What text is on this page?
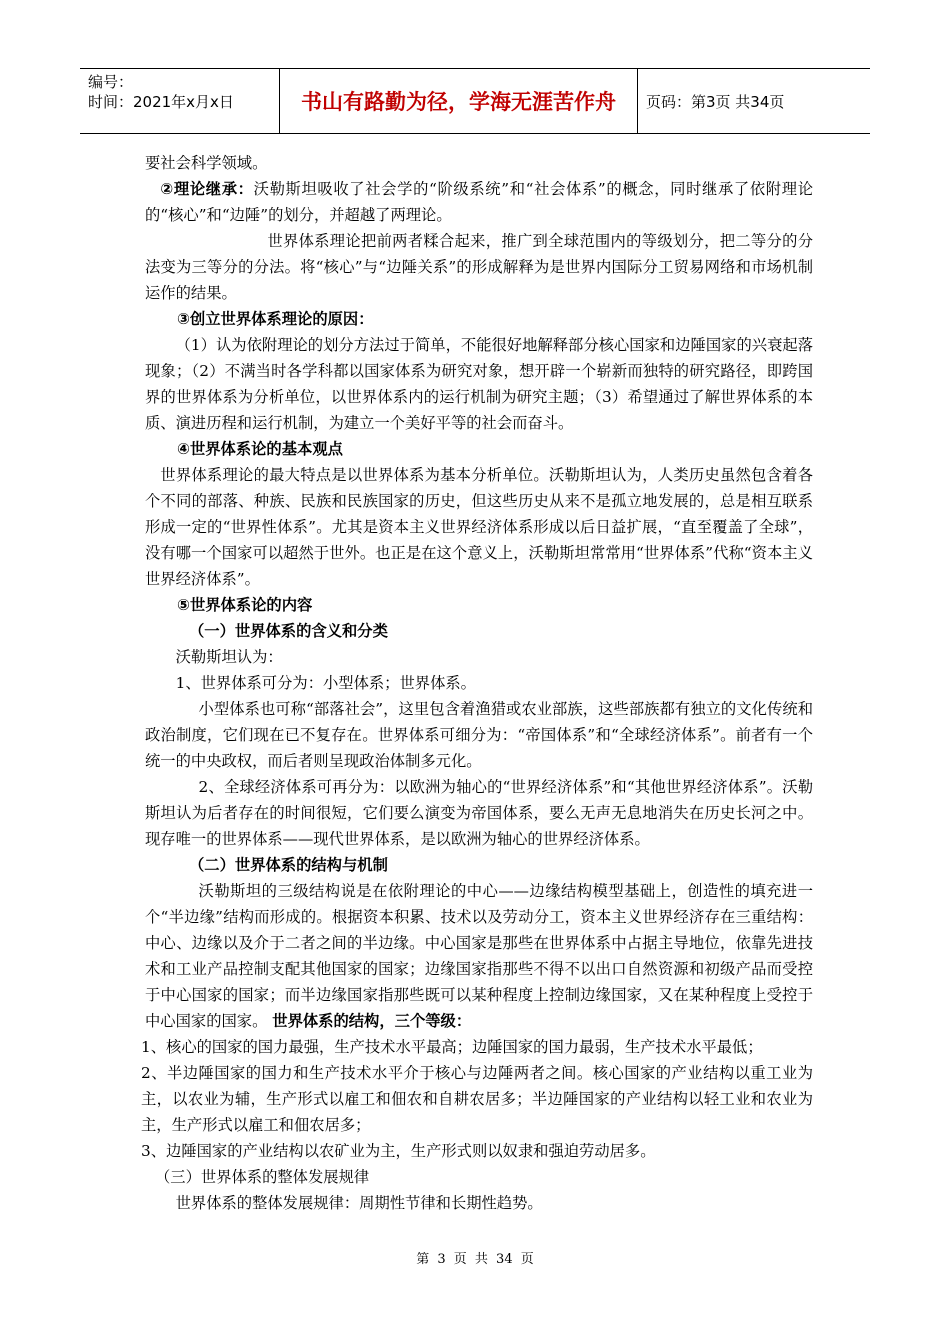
编号：
时间：2021年x月x日	书山有路勤为径，学海无涯苦作舟	页码：第3页 共34页

要社会科学领域。

②理论继承：沃勒斯坦吸收了社会学的“阶级系统”和“社会体系”的概念，同时继承了依附理论的“核心”和“边陲”的划分，并超越了两理论。

世界体系理论把前两者糅合起来，推广到全球范围内的等级划分，把二等分的分法变为三等分的分法。将“核心”与“边陲关系”的形成解释为是世界内国际分工贸易网络和市场机制运作的结果。

③创立世界体系理论的原因：

（1）认为依附理论的划分方法过于简单，不能很好地解释部分核心国家和边陲国家的兴衰起落现象；（2）不满当时各学科都以国家体系为研究对象，想开辟一个崭新而独特的研究路径，即跨国界的世界体系为分析单位，以世界体系内的运行机制为研究主题；（3）希望通过了解世界体系的本质、演进历程和运行机制，为建立一个美好平等的社会而奋斗。

④世界体系论的基本观点

世界体系理论的最大特点是以世界体系为基本分析单位。沃勒斯坦认为，人类历史虽然包含着各个不同的部落、种族、民族和民族国家的历史，但这些历史从来不是孤立地发展的，总是相互联系形成一定的“世界性体系”。尤其是资本主义世界经济体系形成以后日益扩展，“直至覆盖了全球”，没有哪一个国家可以超然于世外。也正是在这个意义上，沃勒斯坦常常用“世界体系”代称“资本主义世界经济体系”。

⑤世界体系论的内容

（一）世界体系的含义和分类

沃勒斯坦认为：

1、世界体系可分为：小型体系；世界体系。

小型体系也可称“部落社会”，这里包含着渔猎或农业部族，这些部族都有独立的文化传统和政治制度，它们现在已不复存在。世界体系可细分为：“帝国体系”和“全球经济体系”。前者有一个统一的中央政权，而后者则呈现政治体制多元化。

2、全球经济体系可再分为：以欧洲为轴心的“世界经济体系”和“其他世界经济体系”。沃勒斯坦认为后者存在的时间很短，它们要么演变为帝国体系，要么无声无息地消失在历史长河之中。现存唯一的世界体系——现代世界体系，是以欧洲为轴心的世界经济体系。

（二）世界体系的结构与机制

沃勒斯坦的三级结构说是在依附理论的中心——边缘结构模型基础上，创造性的填充进一个“半边缘”结构而形成的。根据资本积累、技术以及劳动分工，资本主义世界经济存在三重结构：中心、边缘以及介于二者之间的半边缘。中心国家是那些在世界体系中占据主导地位，依靠先进技术和工业产品控制支配其他国家的国家；边缘国家指那些不得不以出口自然资源和初级产品而受控于中心国家的国家；而半边缘国家指那些既可以某种程度上控制边缘国家，又在某种程度上受控于中心国家的国家。 世界体系的结构，三个等级：

1、核心的国家的国力最强，生产技术水平最高；边陲国家的国力最弱，生产技术水平最低；

2、半边陲国家的国力和生产技术水平介于核心与边陲两者之间。核心国家的产业结构以重工业为主，以农业为辅，生产形式以雇工和佃农和自耕农居多；半边陲国家的产业结构以轻工业和农业为主，生产形式以雇工和佃农居多；

3、边陲国家的产业结构以农矿业为主，生产形式则以奴隶和强迫劳动居多。

（三）世界体系的整体发展规律

世界体系的整体发展规律：周期性节律和长期性趋势。

第 3 页 共 34 页
